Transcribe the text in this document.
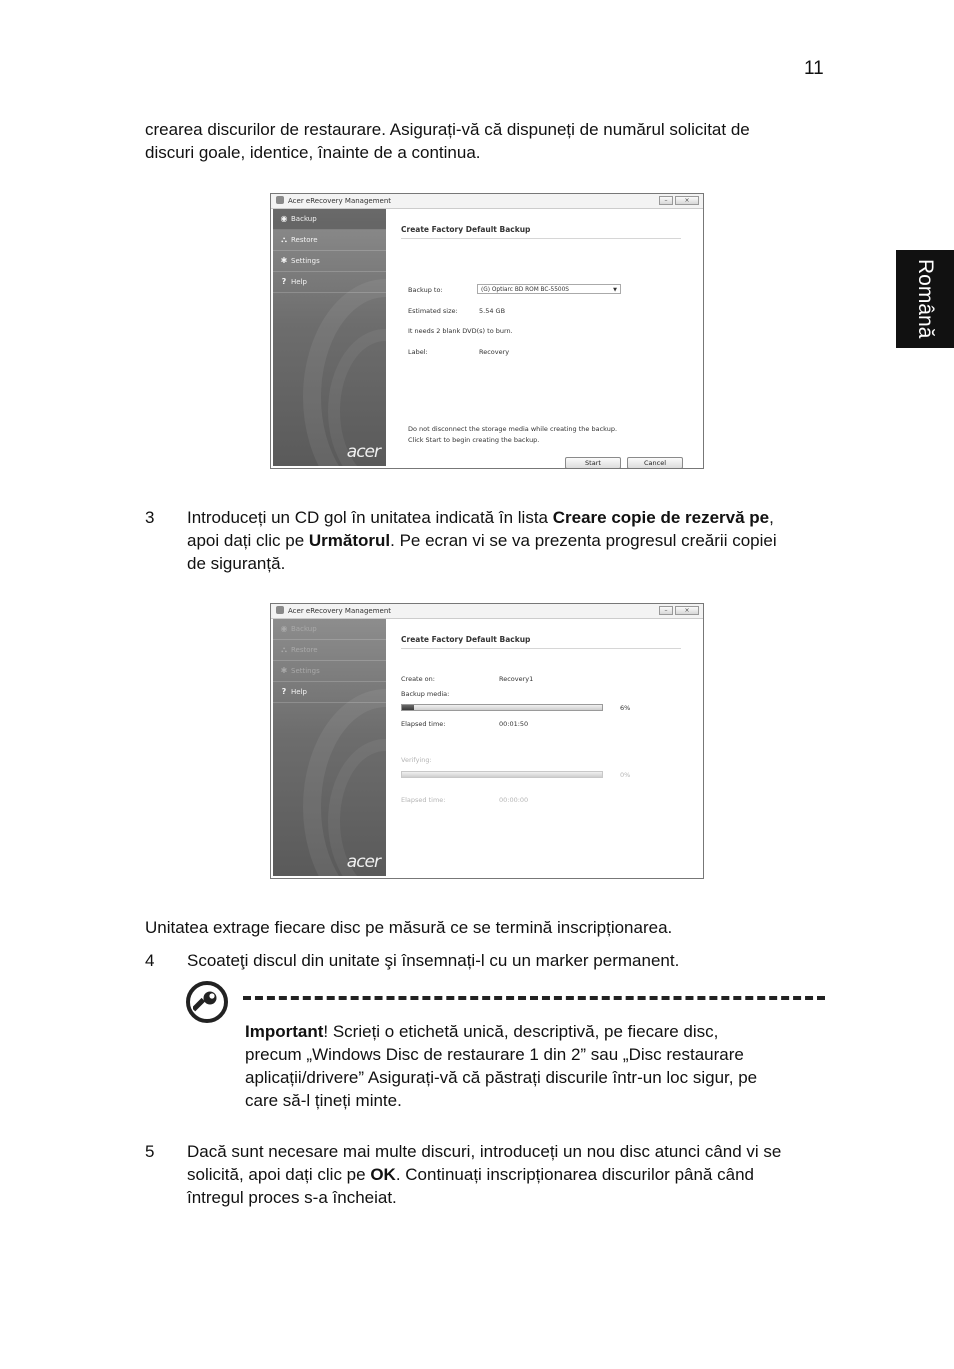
11
Română

crearea discurilor de restaurare. Asigurați-vă că dispuneți de numărul solicitat de
discuri goale, identice, înainte de a continua.

Acer eRecovery Management	–	×
◉ Backup
⛬ Restore
✱ Settings
? Help
acer
Create Factory Default Backup
Backup to:	(G) Optiarc BD ROM BC-5500S	▼
Estimated size:	5.54 GB
It needs 2 blank DVD(s) to burn.
Label:	Recovery
Do not disconnect the storage media while creating the backup.
Click Start to begin creating the backup.
Start	Cancel
3 Introduceți un CD gol în unitatea indicată în lista Creare copie de rezervă pe,
apoi dați clic pe Următorul. Pe ecran vi se va prezenta progresul creării copiei
de siguranță.

Acer eRecovery Management	–	×
◉ Backup
⛬ Restore
✱ Settings
? Help
acer
Create Factory Default Backup
Create on:	Recovery1
Backup media:
6%
Elapsed time:	00:01:50
Verifying:
0%
Elapsed time:	00:00:00

Unitatea extrage fiecare disc pe măsură ce se termină inscripționarea.

4 Scoateţi discul din unitate şi însemnați-l cu un marker permanent.

Important! Scrieți o etichetă unică, descriptivă, pe fiecare disc,
precum „Windows Disc de restaurare 1 din 2” sau „Disc restaurare
aplicații/drivere” Asigurați-vă că păstrați discurile într-un loc sigur, pe
care să-l țineți minte.

5 Dacă sunt necesare mai multe discuri, introduceți un nou disc atunci când vi se
solicită, apoi dați clic pe OK. Continuați inscripționarea discurilor până când
întregul proces s-a încheiat.
